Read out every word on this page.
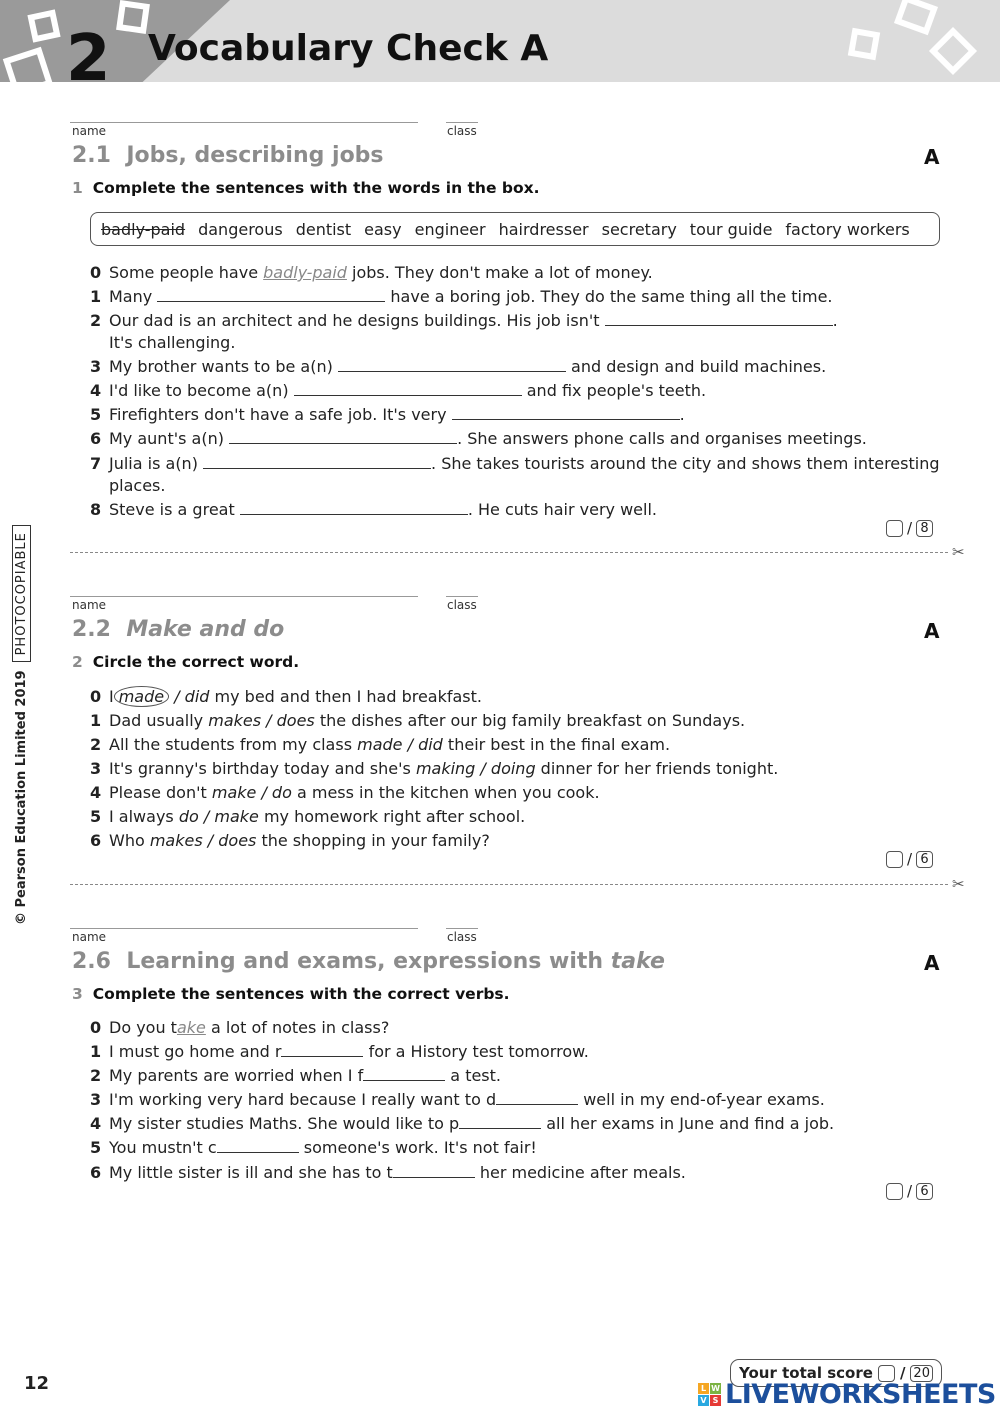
2 Vocabulary Check A
name	class
2.1 Jobs, describing jobs	A
1 Complete the sentences with the words in the box.
badly-paid dangerous dentist easy engineer hairdresser secretary tour guide factory workers
0 Some people have badly-paid jobs. They don't make a lot of money.
1 Many	have a boring job. They do the same thing all the time.
2 Our dad is an architect and he designs buildings. His job isn't	.
It's challenging.
3 My brother wants to be a(n)	and design and build machines.
4 I'd like to become a(n)	and fix people's teeth.
5 Firefighters don't have a safe job. It's very	.
6 My aunt's a(n)	. She answers phone calls and organises meetings.
7 Julia is a(n)	. She takes tourists around the city and shows them interesting
places.
8 Steve is a great	. He cuts hair very well.
/ 8
✂
name	class
2.2 Make and do	A
2 Circle the correct word.
0 I made / did my bed and then I had breakfast.
1 Dad usually makes / does the dishes after our big family breakfast on Sundays.
2 All the students from my class made / did their best in the final exam.
3 It's granny's birthday today and she's making / doing dinner for her friends tonight.
4 Please don't make / do a mess in the kitchen when you cook.
5 I always do / make my homework right after school.
6 Who makes / does the shopping in your family?
/ 6
✂
name	class
2.6 Learning and exams, expressions with take	A
3 Complete the sentences with the correct verbs.
0 Do you take a lot of notes in class?
1 I must go home and r	for a History test tomorrow.
2 My parents are worried when I f	a test.
3 I'm working very hard because I really want to d	well in my end-of-year exams.
4 My sister studies Maths. She would like to p	all her exams in June and find a job.
5 You mustn't c	someone's work. It's not fair!
6 My little sister is ill and she has to t	her medicine after meals.
/ 6
© Pearson Education Limited 2019
PHOTOCOPIABLE
12	Your total score / 20
L W
V S LIVEWORKSHEETS
